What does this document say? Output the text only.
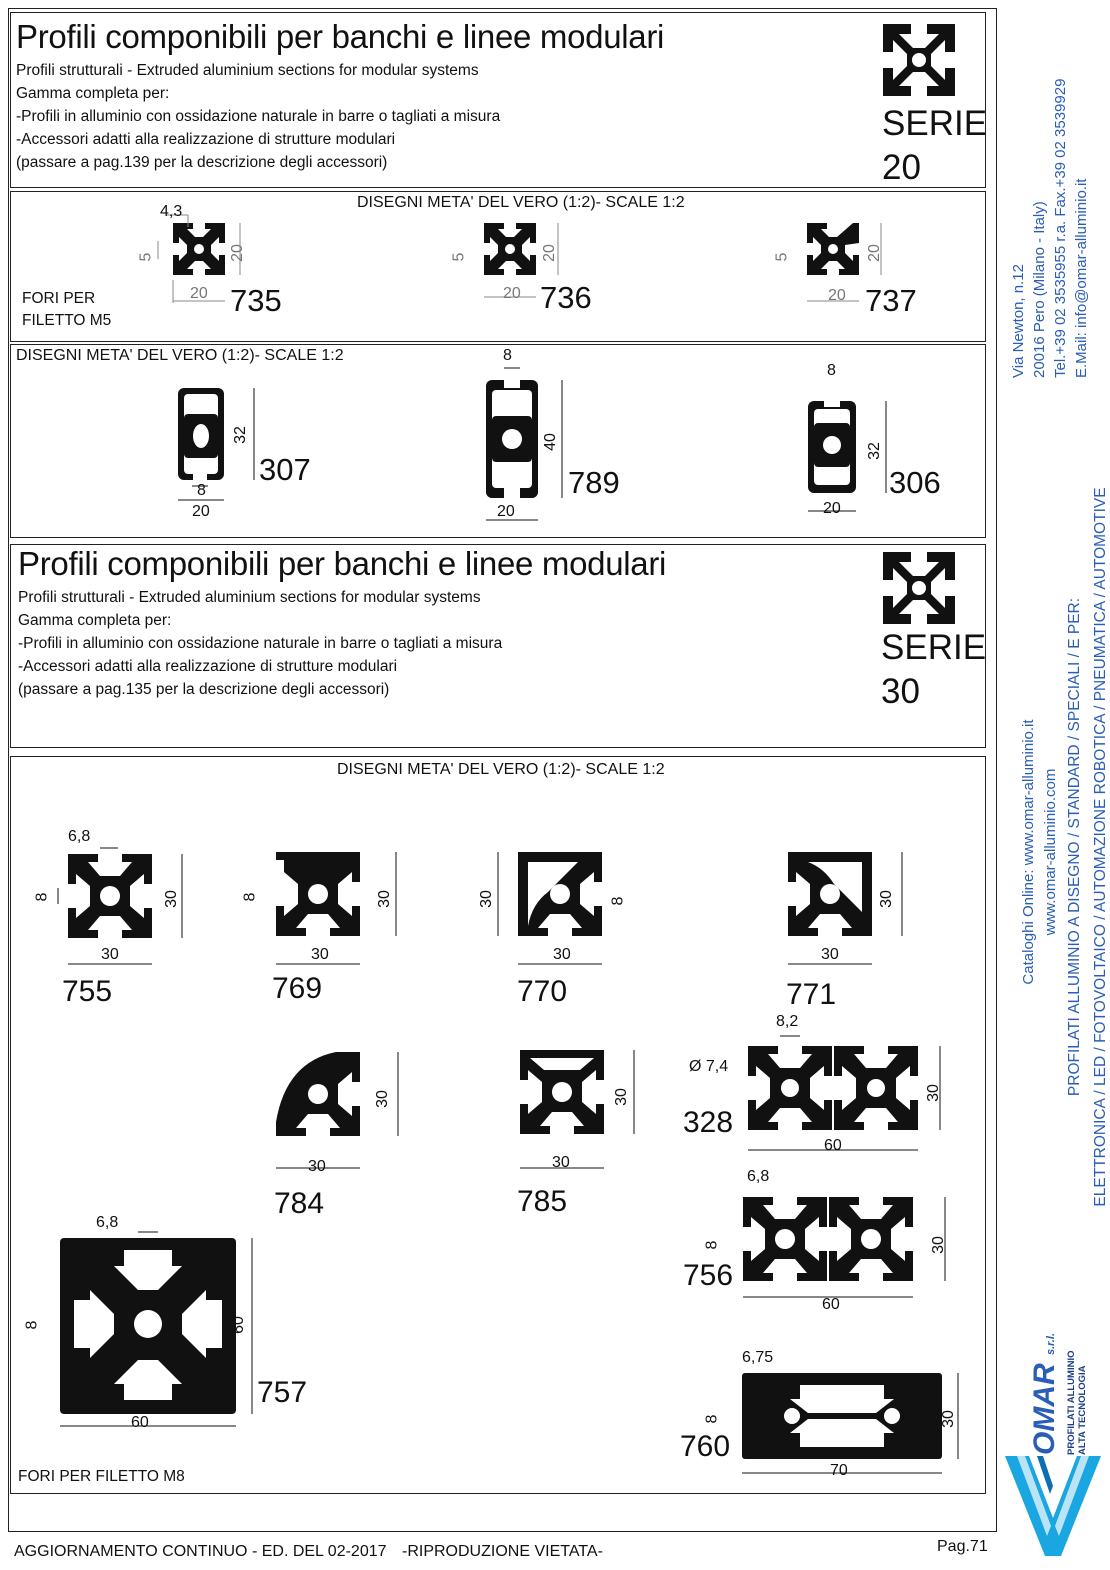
Profili componibili per banchi e linee modulari
Profili strutturali - Extruded aluminium sections for modular systems
Gamma completa per:
-Profili in alluminio con ossidazione naturale in barre o tagliati a misura
-Accessori adatti alla realizzazione di strutture modulari
(passare a pag.139 per la descrizione degli accessori)
SERIE
20
DISEGNI META' DEL VERO (1:2)- SCALE 1:2
FORI PER
FILETTO M5
4,3
5	20
20 735
5	20
20 736
5	20
20 737
DISEGNI META' DEL VERO (1:2)- SCALE 1:2
32
8
20
307
8
40
20
789
8
32
20
306
Profili componibili per banchi e linee modulari
Profili strutturali - Extruded aluminium sections for modular systems
Gamma completa per:
-Profili in alluminio con ossidazione naturale in barre o tagliati a misura
-Accessori adatti alla realizzazione di strutture modulari
(passare a pag.135 per la descrizione degli accessori)
SERIE
30
DISEGNI META' DEL VERO (1:2)- SCALE 1:2
FORI PER FILETTO M8
6,8
8	30
30
755
8	30
30
769
30	8
30
770
30
30
771
30
30
784
30
30
785
8,2
Ø 7,4
30
60
328
6,8
8	30
60
756
6,8
8	60
60
757
6,75
8	30
70
760
AGGIORNAMENTO CONTINUO - ED. DEL 02-2017 -RIPRODUZIONE VIETATA-	Pag.71
Via Newton, n.12 20016 Pero (Milano - Italy) Tel.+39 02 3535955 r.a. Fax.+39 02 3539929 E.Mail: info@omar-alluminio.it
Cataloghi Online: www.omar-alluminio.it www.omar-alluminio.com PROFILATI ALLUMINIO A DISEGNO / STANDARD / SPECIALI / E PER: ELETTRONICA / LED / FOTOVOLTAICO / AUTOMAZIONE ROBOTICA / PNEUMATICA / AUTOMOTIVE
OMAR s.r.l.
PROFILATI ALLUMINIO ALTA TECNOLOGIA
